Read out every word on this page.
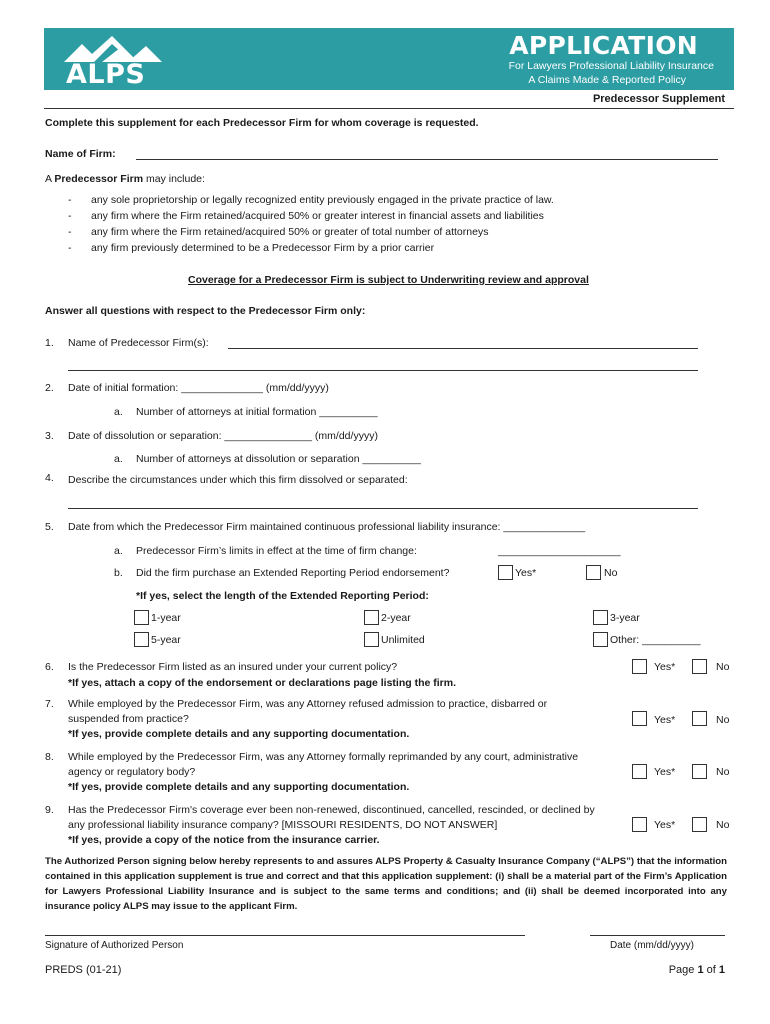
ALPS
APPLICATION
For Lawyers Professional Liability Insurance
A Claims Made & Reported Policy
Predecessor Supplement
Complete this supplement for each Predecessor Firm for whom coverage is requested.
Name of Firm:
A Predecessor Firm may include:
- any sole proprietorship or legally recognized entity previously engaged in the private practice of law.
- any firm where the Firm retained/acquired 50% or greater interest in financial assets and liabilities
- any firm where the Firm retained/acquired 50% or greater of total number of attorneys
- any firm previously determined to be a Predecessor Firm by a prior carrier
Coverage for a Predecessor Firm is subject to Underwriting review and approval
Answer all questions with respect to the Predecessor Firm only:
1. Name of Predecessor Firm(s):
2. Date of initial formation: ______________ (mm/dd/yyyy)
a. Number of attorneys at initial formation __________
3. Date of dissolution or separation: _______________ (mm/dd/yyyy)
a. Number of attorneys at dissolution or separation __________
4. Describe the circumstances under which this firm dissolved or separated:
5. Date from which the Predecessor Firm maintained continuous professional liability insurance: ______________
a. Predecessor Firm’s limits in effect at the time of firm change:	_____________________
b. Did the firm purchase an Extended Reporting Period endorsement?	Yes*	No
*If yes, select the length of the Extended Reporting Period:
1-year	2-year	3-year
5-year	Unlimited	Other: __________
6. Is the Predecessor Firm listed as an insured under your current policy?
*If yes, attach a copy of the endorsement or declarations page listing the firm.
Yes*	No
7. While employed by the Predecessor Firm, was any Attorney refused admission to practice, disbarred or
suspended from practice?
*If yes, provide complete details and any supporting documentation.
Yes*	No
8. While employed by the Predecessor Firm, was any Attorney formally reprimanded by any court, administrative
agency or regulatory body?
*If yes, provide complete details and any supporting documentation.
Yes*	No
9. Has the Predecessor Firm's coverage ever been non-renewed, discontinued, cancelled, rescinded, or declined by
any professional liability insurance company? [MISSOURI RESIDENTS, DO NOT ANSWER]
*If yes, provide a copy of the notice from the insurance carrier.
Yes*	No
The Authorized Person signing below hereby represents to and assures ALPS Property & Casualty Insurance Company (“ALPS”) that the information contained in this application supplement is true and correct and that this application supplement: (i) shall be a material part of the Firm’s Application for Lawyers Professional Liability Insurance and is subject to the same terms and conditions; and (ii) shall be deemed incorporated into any insurance policy ALPS may issue to the applicant Firm.
Signature of Authorized Person	Date (mm/dd/yyyy)
PREDS (01-21)	Page 1 of 1
